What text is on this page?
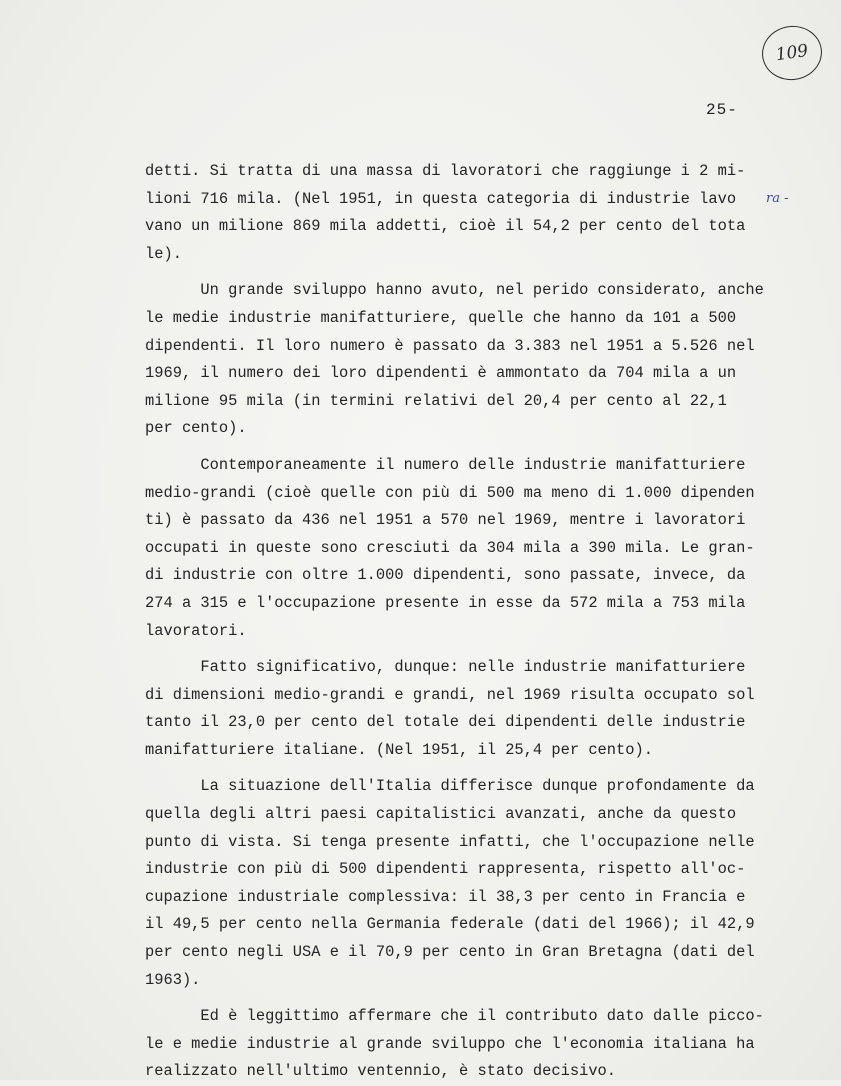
109
25-
ra -
detti. Si tratta di una massa di lavoratori che raggiunge i 2 mi-
lioni 716 mila. (Nel 1951, in questa categoria di industrie lavo
vano un milione 869 mila addetti, cioè il 54,2 per cento del tota
le).
Un grande sviluppo hanno avuto, nel perido considerato, anche
le medie industrie manifatturiere, quelle che hanno da 101 a 500
dipendenti. Il loro numero è passato da 3.383 nel 1951 a 5.526 nel
1969, il numero dei loro dipendenti è ammontato da 704 mila a un
milione 95 mila (in termini relativi del 20,4 per cento al 22,1
per cento).
Contemporaneamente il numero delle industrie manifatturiere
medio-grandi (cioè quelle con più di 500 ma meno di 1.000 dipenden
ti) è passato da 436 nel 1951 a 570 nel 1969, mentre i lavoratori
occupati in queste sono cresciuti da 304 mila a 390 mila. Le gran-
di industrie con oltre 1.000 dipendenti, sono passate, invece, da
274 a 315 e l'occupazione presente in esse da 572 mila a 753 mila
lavoratori.
Fatto significativo, dunque: nelle industrie manifatturiere
di dimensioni medio-grandi e grandi, nel 1969 risulta occupato sol
tanto il 23,0 per cento del totale dei dipendenti delle industrie
manifatturiere italiane. (Nel 1951, il 25,4 per cento).
La situazione dell'Italia differisce dunque profondamente da
quella degli altri paesi capitalistici avanzati, anche da questo
punto di vista. Si tenga presente infatti, che l'occupazione nelle
industrie con più di 500 dipendenti rappresenta, rispetto all'oc-
cupazione industriale complessiva: il 38,3 per cento in Francia e
il 49,5 per cento nella Germania federale (dati del 1966); il 42,9
per cento negli USA e il 70,9 per cento in Gran Bretagna (dati del
1963).
Ed è leggittimo affermare che il contributo dato dalle picco-
le e medie industrie al grande sviluppo che l'economia italiana ha
realizzato nell'ultimo ventennio, è stato decisivo.
